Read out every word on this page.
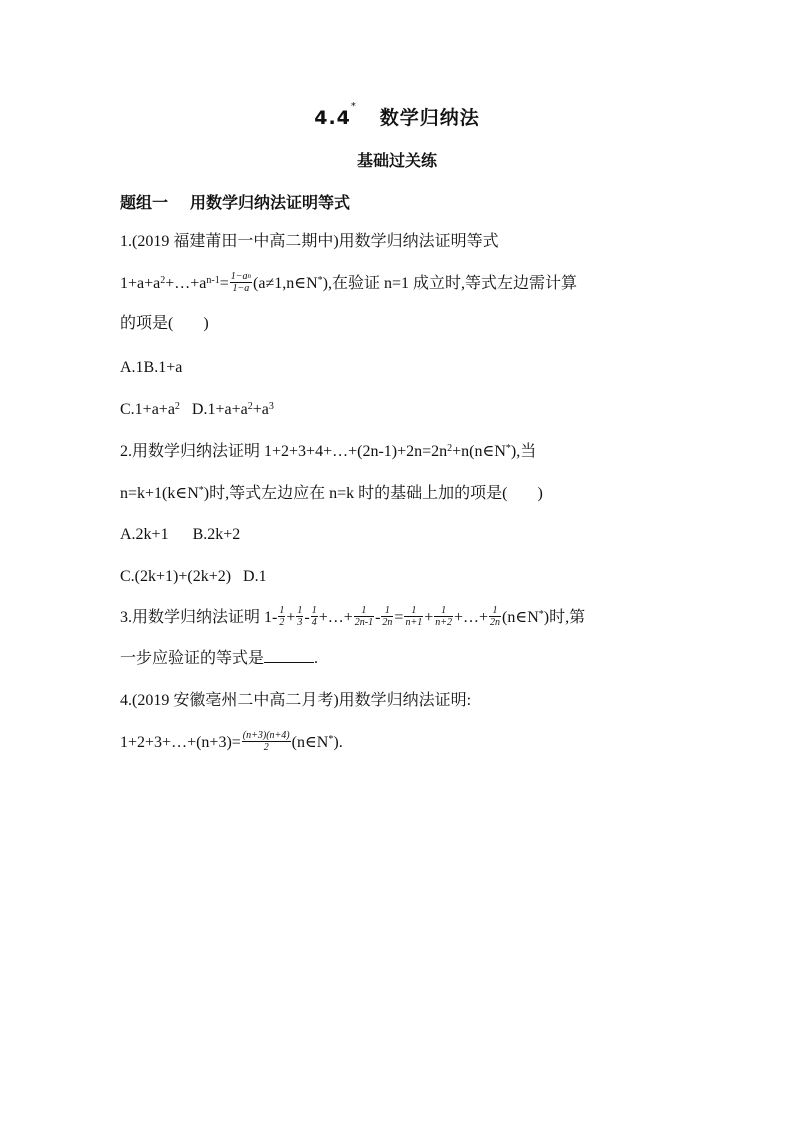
4.4*   数学归纳法
基础过关练
题组一 用数学归纳法证明等式
1.(2019 福建莆田一中高二期中)用数学归纳法证明等式
$1+a+a^2+\dots+a^{n-1}= \frac{1-a^n}{1-a}$ (a≠1,n∈N*),在验证 n=1 成立时,等式左边需计算
的项是( )
A.1B.1+a
$C.1+a+a^2$   $D.1+a+a^2+a^3$
2.用数学归纳法证明 $1+2+3+4+\dots+(2n-1)+2n=2n^2+n(n\in N^*)$,当
n=k+1(k∈N*)时,等式左边应在 n=k 时的基础上加的项是( )
A.2k+1      B.2k+2
C.(2k+1)+(2k+2)   D.1
3.用数学归纳法证明 $1- \frac{1}{2} + \frac{1}{3} - \frac{1}{4}$ +…+ $\frac{1}{2n-1} - \frac{1}{2n} = \frac{1}{n+1} + \frac{1}{n+2}$ +…+ $\frac{1}{2n}$ (n∈N*)时,第
一步应验证的等式是	.
4.(2019 安徽亳州二中高二月考)用数学归纳法证明:
1+2+3+…+(n+3)= $\frac{(n+3)(n+4)}{2}$ (n∈N*).
